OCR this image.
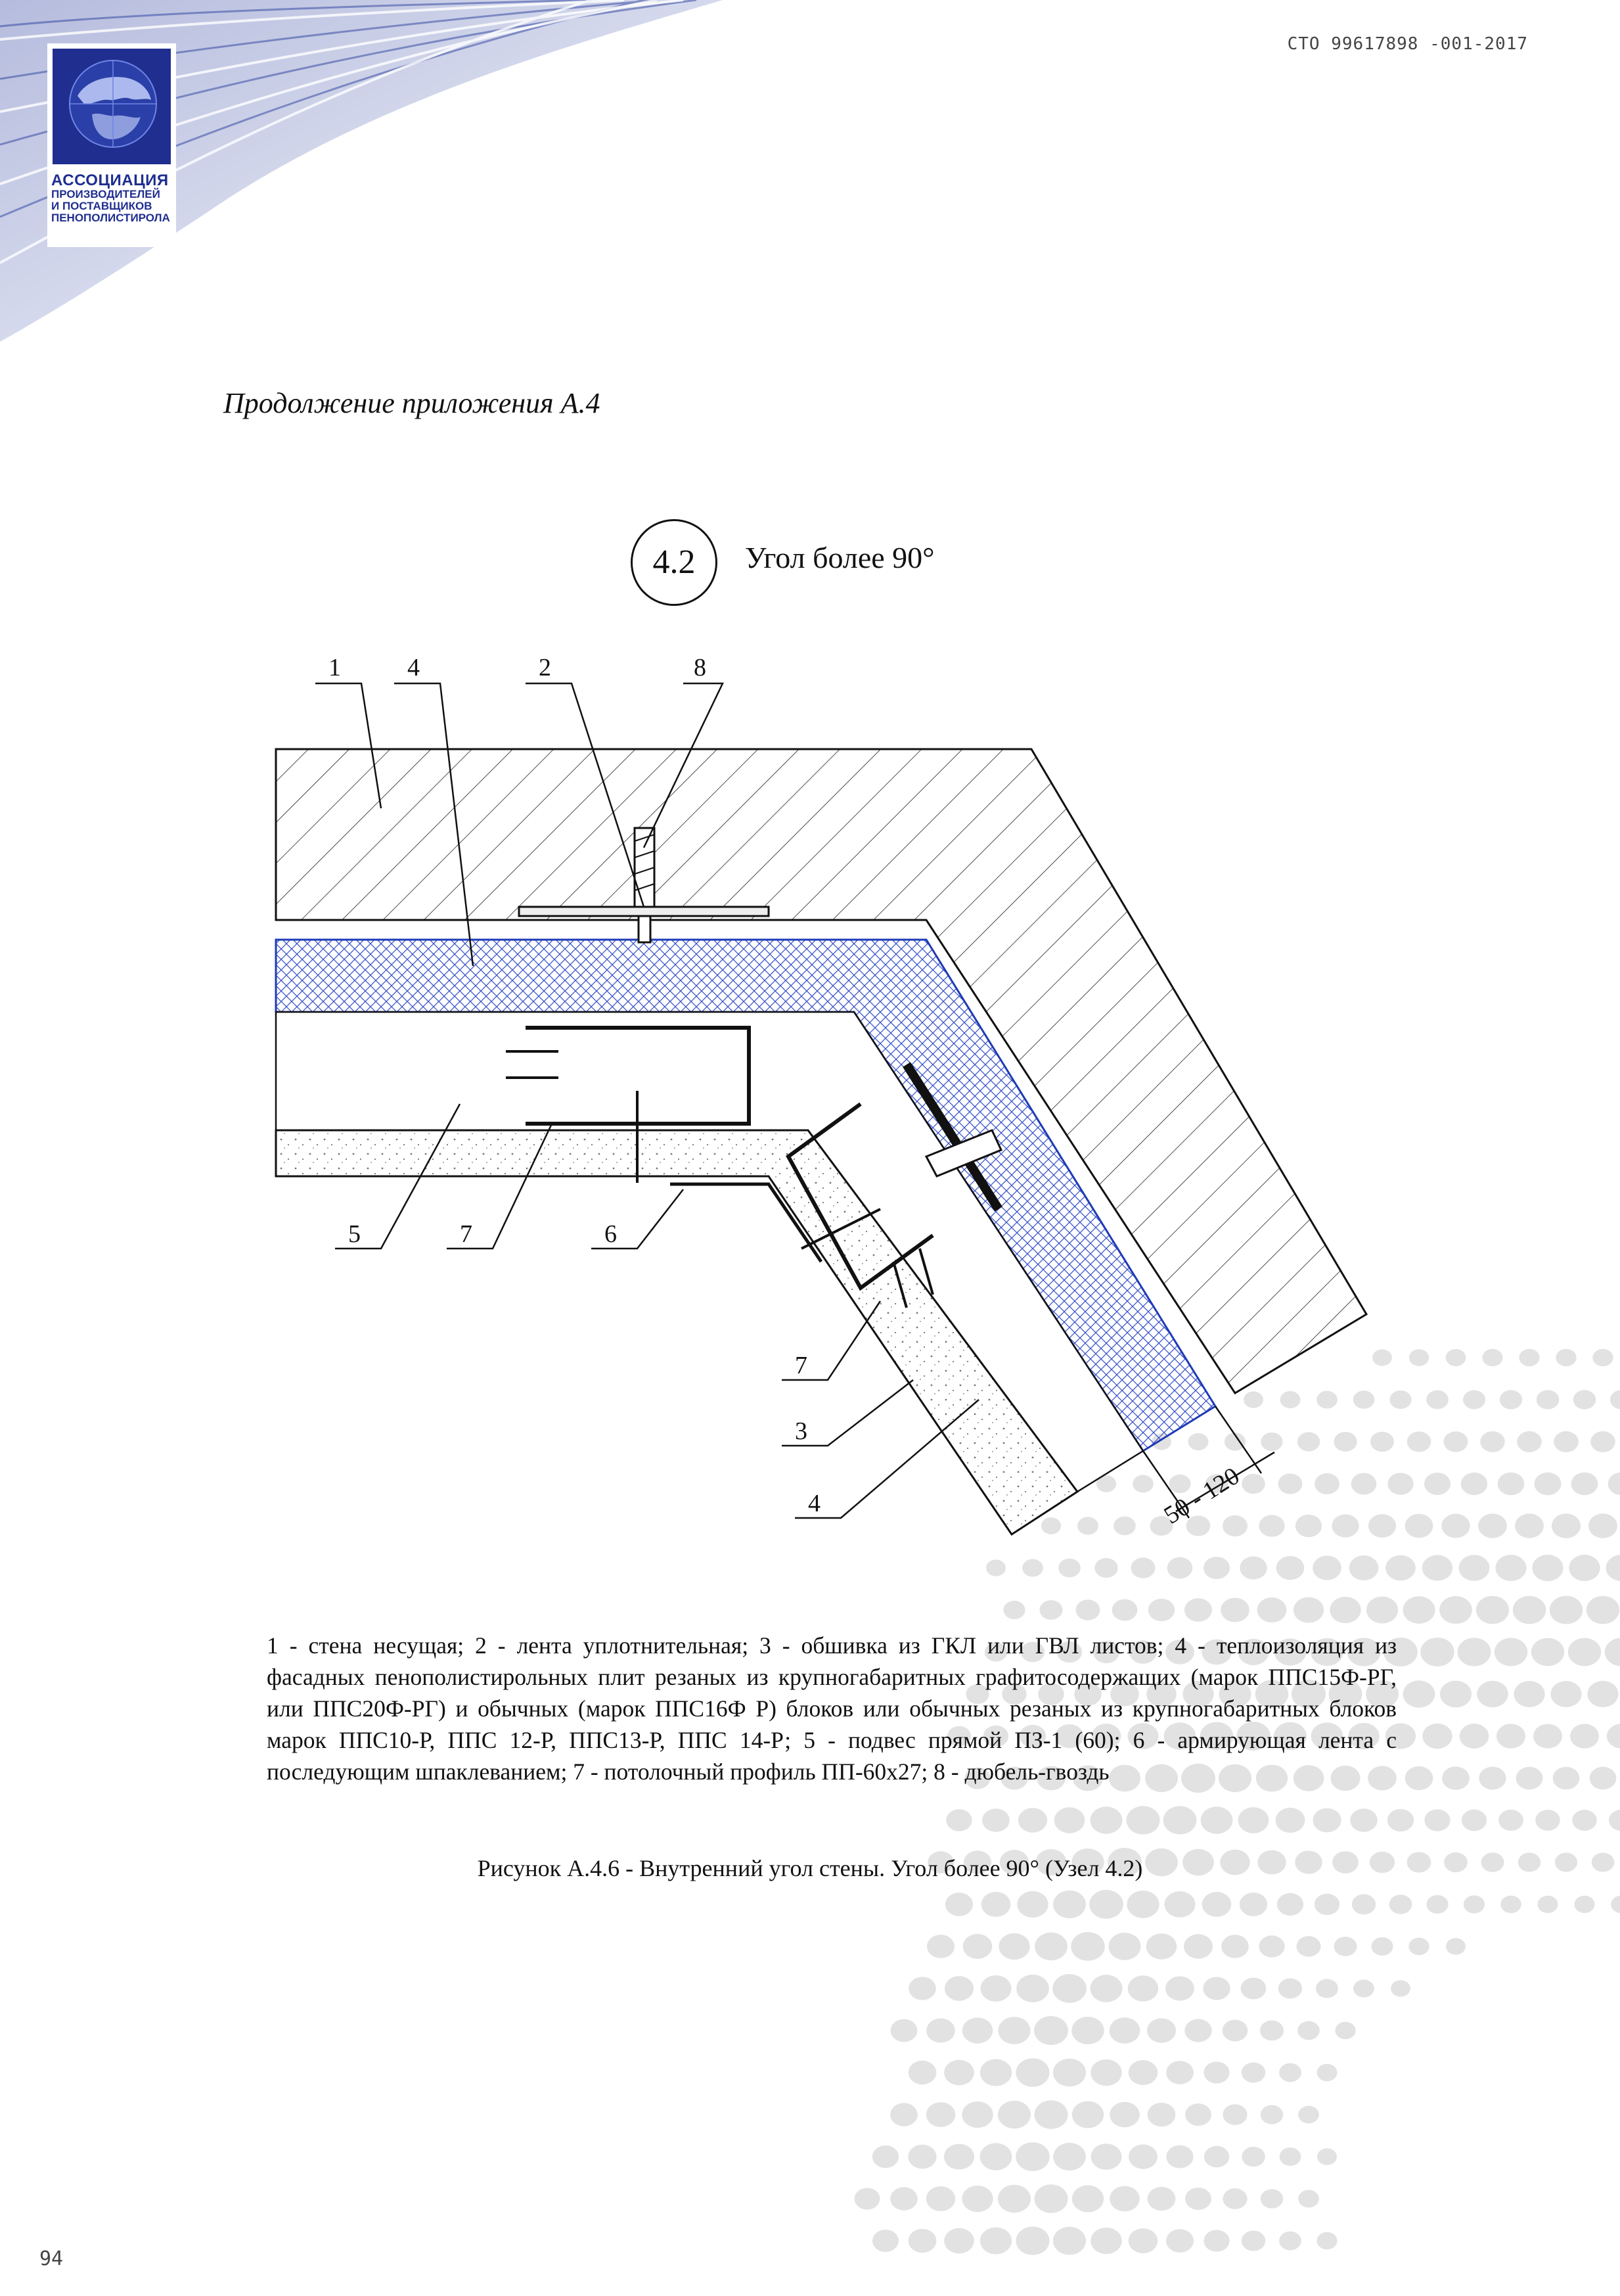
АССОЦИАЦИЯ
ПРОИЗВОДИТЕЛЕЙ
И ПОСТАВЩИКОВ
ПЕНОПОЛИСТИРОЛА
СТО 99617898 -001-2017
Продолжение приложения А.4
4.2	Угол более 90°
50 - 120
1	4	2	8
5	7	6
7
3
4
1 - стена несущая; 2 - лента уплотнительная; 3 - обшивка из ГКЛ или ГВЛ листов; 4 - теплоизоляция из фасадных пенополистирольных плит резаных из крупногабаритных графитосодержащих (марок ППС15Ф-РГ, или ППС20Ф-РГ) и обычных (марок ППС16Ф Р) блоков или обычных резаных из крупногабаритных блоков марок ППС10-Р, ППС 12-Р, ППС13-Р, ППС 14-Р; 5 - подвес прямой ПЗ-1 (60); 6 - армирующая лента с последующим шпаклеванием; 7 - потолочный профиль ПП-60х27; 8 - дюбель-гвоздь
Рисунок А.4.6 - Внутренний угол стены. Угол более 90° (Узел 4.2)
94
